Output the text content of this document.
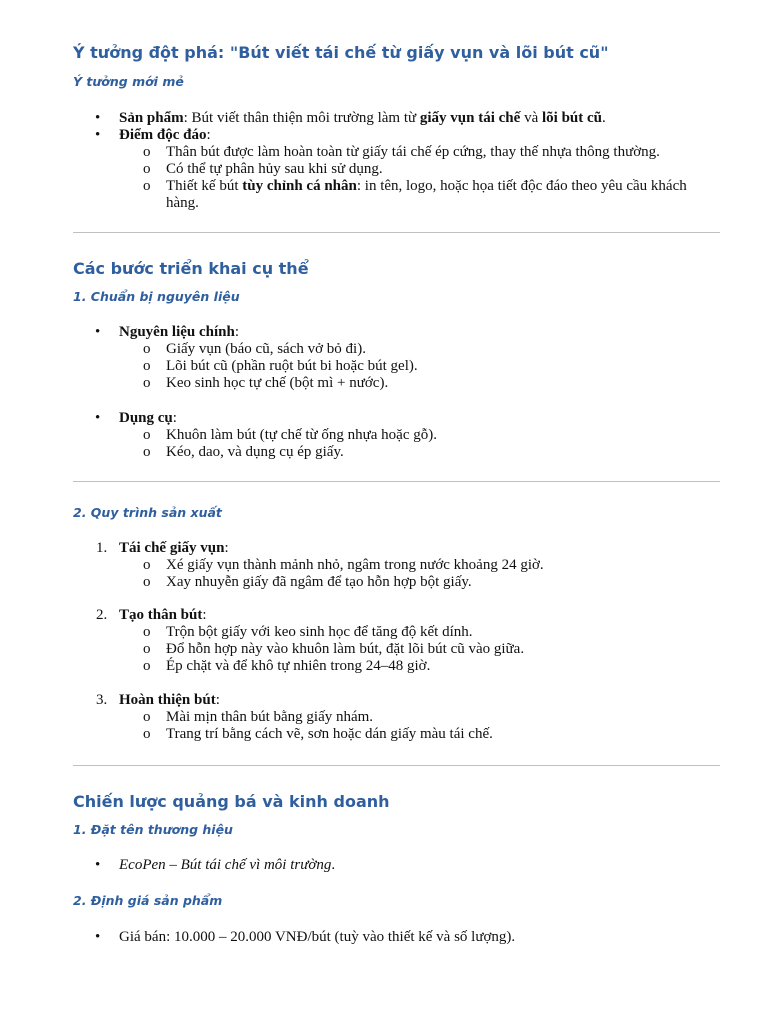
Ý tưởng đột phá: "Bút viết tái chế từ giấy vụn và lõi bút cũ"
Ý tưởng mới mẻ
• Sản phẩm: Bút viết thân thiện môi trường làm từ giấy vụn tái chế và lõi bút cũ.
• Điểm độc đáo:
o Thân bút được làm hoàn toàn từ giấy tái chế ép cứng, thay thế nhựa thông thường.
o Có thể tự phân hủy sau khi sử dụng.
o Thiết kế bút tùy chỉnh cá nhân: in tên, logo, hoặc họa tiết độc đáo theo yêu cầu khách hàng.
Các bước triển khai cụ thể
1. Chuẩn bị nguyên liệu
• Nguyên liệu chính:
o Giấy vụn (báo cũ, sách vở bỏ đi).
o Lõi bút cũ (phần ruột bút bi hoặc bút gel).
o Keo sinh học tự chế (bột mì + nước).
• Dụng cụ:
o Khuôn làm bút (tự chế từ ống nhựa hoặc gỗ).
o Kéo, dao, và dụng cụ ép giấy.
2. Quy trình sản xuất
1. Tái chế giấy vụn:
o Xé giấy vụn thành mảnh nhỏ, ngâm trong nước khoảng 24 giờ.
o Xay nhuyễn giấy đã ngâm để tạo hỗn hợp bột giấy.
2. Tạo thân bút:
o Trộn bột giấy với keo sinh học để tăng độ kết dính.
o Đổ hỗn hợp này vào khuôn làm bút, đặt lõi bút cũ vào giữa.
o Ép chặt và để khô tự nhiên trong 24–48 giờ.
3. Hoàn thiện bút:
o Mài mịn thân bút bằng giấy nhám.
o Trang trí bằng cách vẽ, sơn hoặc dán giấy màu tái chế.
Chiến lược quảng bá và kinh doanh
1. Đặt tên thương hiệu
• EcoPen – Bút tái chế vì môi trường.
2. Định giá sản phẩm
• Giá bán: 10.000 – 20.000 VNĐ/bút (tuỳ vào thiết kế và số lượng).
